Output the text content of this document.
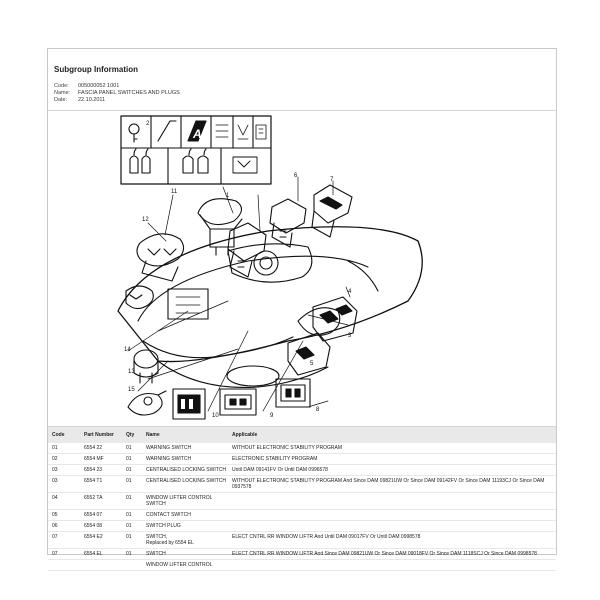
Subgroup Information
Code:	005000052 1001
Name:	FASCIA PANEL SWITCHES AND PLUGS
Date:	22.10.2011
A
1
2
3
4
5
6
7
8
9
10
11
12
13
14
15
Code	Part Number	Qty	Name	Applicable
01	6554 22	01	WARNING SWITCH	WITHOUT ELECTRONIC STABILITY PROGRAM
02	6554 MF	01	WARNING SWITCH	ELECTRONIC STABILITY PROGRAM
03	6554 23	01	CENTRALISED LOCKING SWITCH	Until DAM 09141FV Or Until DAM 0996578
03	6554 T1	01	CENTRALISED LOCKING SWITCH	WITHOUT ELECTRONIC STABILITY PROGRAM And Since DAM 09821UW Or Since DAM 09142FV Or Since DAM 11193CJ Or Since DAM 0937578
04	6552 TA	01	WINDOW LIFTER CONTROL SWITCH

05	6554 07	01	CONTACT SWITCH

06	6554 08	01	SWITCH PLUG

07	6554 E2	01	SWITCH,
Replaced by 6554 EL	ELECT CNTRL RR WINDOW LIFTR And Until DAM 09017FV Or Until DAM 0998578
07	6554 EL	01	SWITCH	ELECT CNTRL RR WINDOW LIFTR And Since DAM 09821UW Or Since DAM 09018FV Or Since DAM 1118SCJ Or Since DAM 0998578
			WINDOW LIFTER CONTROL
